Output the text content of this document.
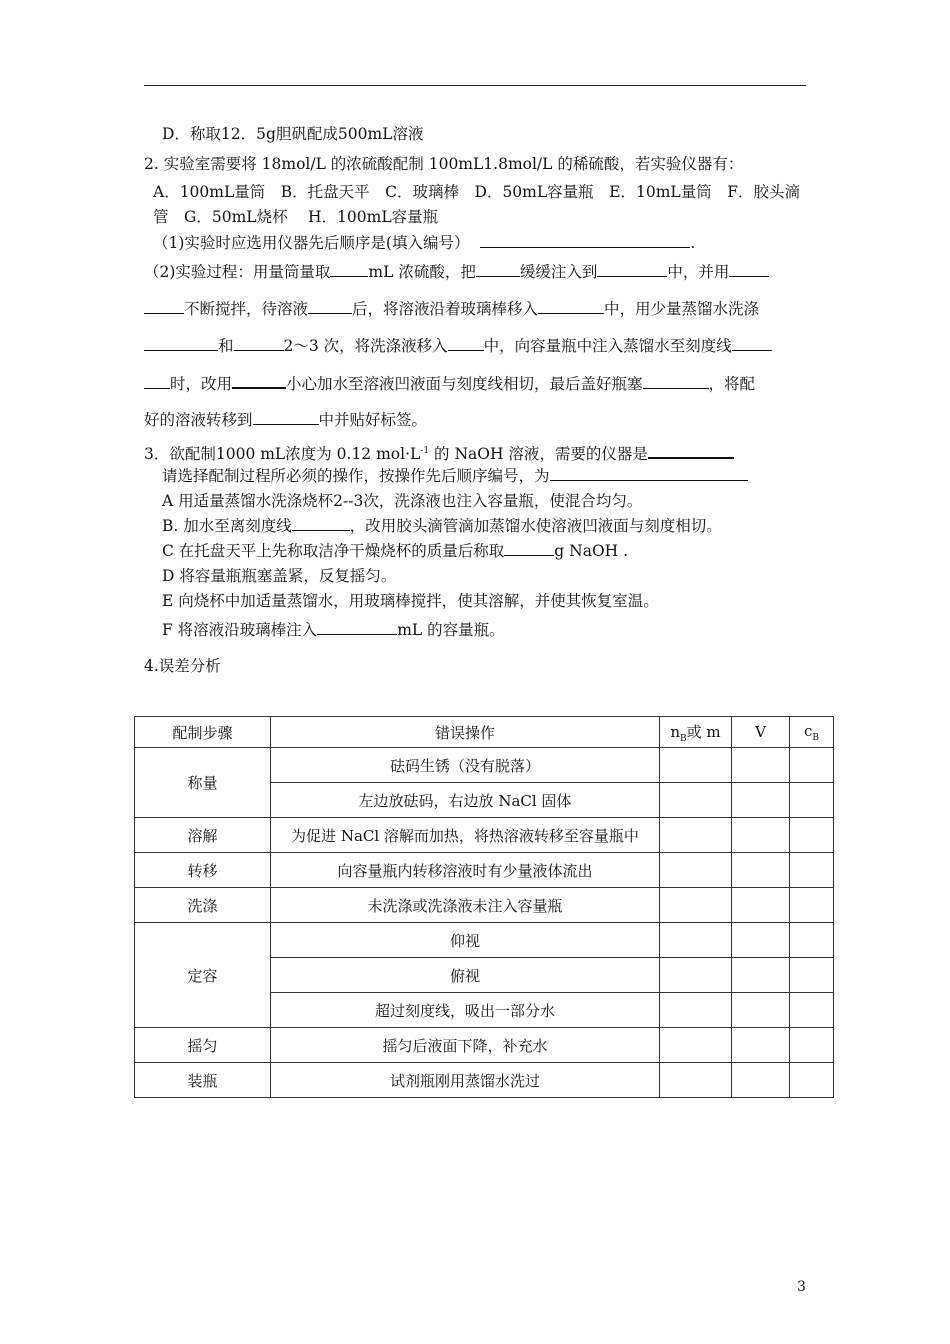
D．称取12．5g胆矾配成500mL溶液
2. 实验室需要将 18mol/L 的浓硫酸配制 100mL1.8mol/L 的稀硫酸，若实验仪器有：
A．100mL量筒　B．托盘天平　C．玻璃棒　D．50mL容量瓶　E．10mL量筒　F．胶头滴
管　G．50mL烧杯　 H．100mL容量瓶
（1)实验时应选用仪器先后顺序是(填入编号）	.
（2)实验过程：用量筒量取 mL 浓硫酸，把	缓缓注入到	中，并用
不断搅拌，待溶液	后，将溶液沿着玻璃棒移入	中，用少量蒸馏水洗涤
和	2～3 次，将洗涤液移入 中，向容量瓶中注入蒸馏水至刻度线
时，改用	小心加水至溶液凹液面与刻度线相切，最后盖好瓶塞	，将配
好的溶液转移到	中并贴好标签。
3．欲配制1000 mL浓度为 0.12 $mol\cdot L^{-1}$ 的 NaOH 溶液，需要的仪器是
请选择配制过程所必须的操作，按操作先后顺序编号，为
A 用适量蒸馏水洗涤烧杯2--3次，洗涤液也注入容量瓶，使混合均匀。
B. 加水至离刻度线	，改用胶头滴管滴加蒸馏水使溶液凹液面与刻度相切。
C 在托盘天平上先称取洁净干燥烧杯的质量后称取	g NaOH .
D 将容量瓶瓶塞盖紧，反复摇匀。
E 向烧杯中加适量蒸馏水，用玻璃棒搅拌，使其溶解，并使其恢复室温。
F 将溶液沿玻璃棒注入	mL 的容量瓶。
4.误差分析
配制步骤	错误操作	$n_B$或 m	V	$c_B$
称量	砝码生锈（没有脱落）			
	左边放砝码，右边放 NaCl 固体			
溶解	为促进 NaCl 溶解而加热，将热溶液转移至容量瓶中			
转移	向容量瓶内转移溶液时有少量液体流出			
洗涤	未洗涤或洗涤液未注入容量瓶			
定容	仰视			
	俯视			
	超过刻度线，吸出一部分水			
摇匀	摇匀后液面下降，补充水			
装瓶	试剂瓶刚用蒸馏水洗过			
3
